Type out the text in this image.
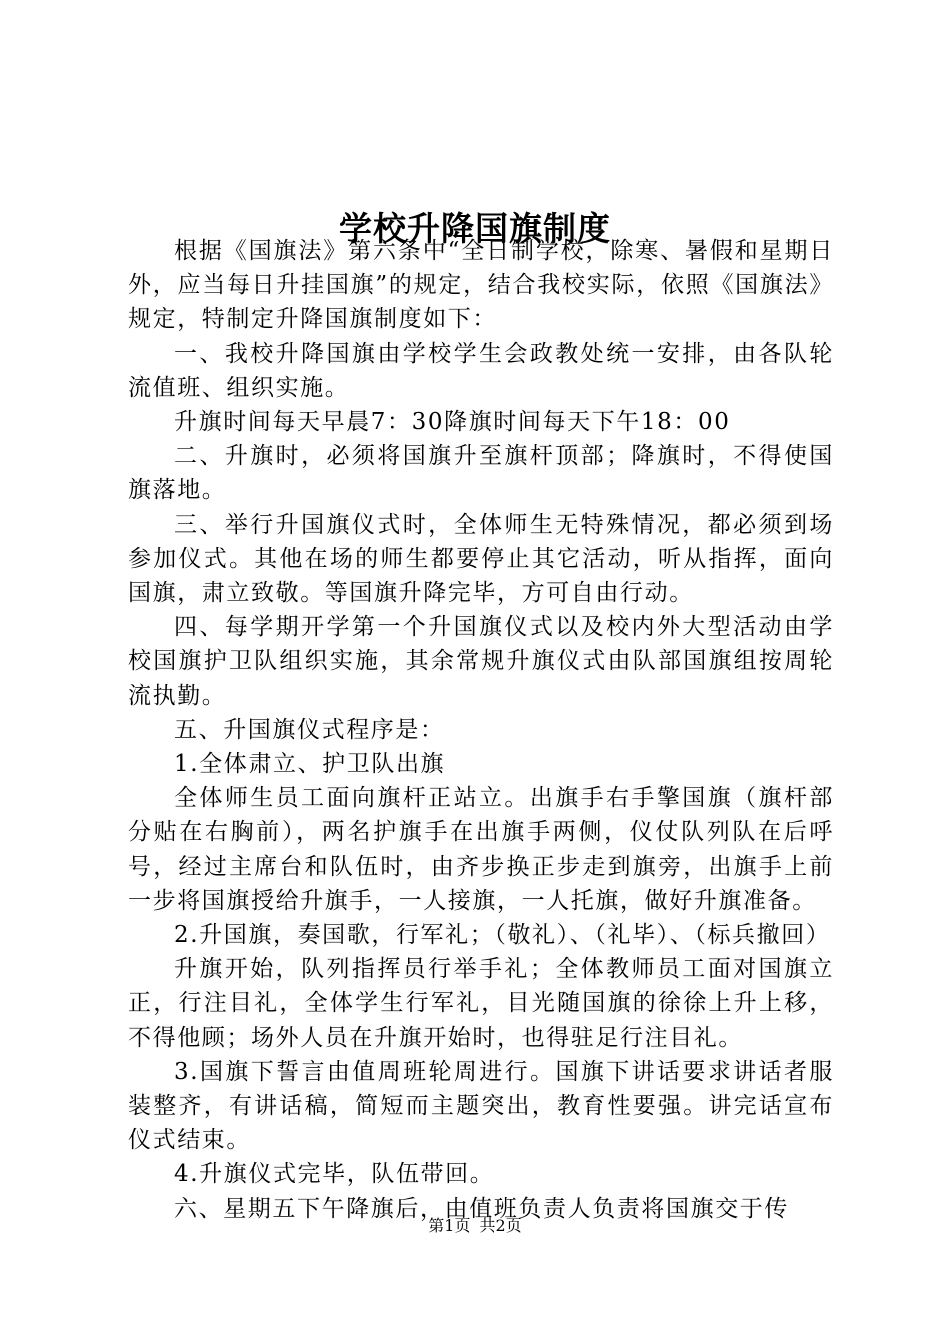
学校升降国旗制度

根据《国旗法》第六条中“全日制学校，除寒、暑假和星期日外，应当每日升挂国旗”的规定，结合我校实际，依照《国旗法》规定，特制定升降国旗制度如下：

一、我校升降国旗由学校学生会政教处统一安排，由各队轮流值班、组织实施。

升旗时间每天早晨7：30降旗时间每天下午18：00

二、升旗时，必须将国旗升至旗杆顶部；降旗时，不得使国旗落地。

三、举行升国旗仪式时，全体师生无特殊情况，都必须到场参加仪式。其他在场的师生都要停止其它活动，听从指挥，面向国旗，肃立致敬。等国旗升降完毕，方可自由行动。

四、每学期开学第一个升国旗仪式以及校内外大型活动由学校国旗护卫队组织实施，其余常规升旗仪式由队部国旗组按周轮流执勤。

五、升国旗仪式程序是：

1.全体肃立、护卫队出旗

全体师生员工面向旗杆正站立。出旗手右手擎国旗（旗杆部分贴在右胸前），两名护旗手在出旗手两侧，仪仗队列队在后呼号，经过主席台和队伍时，由齐步换正步走到旗旁，出旗手上前一步将国旗授给升旗手，一人接旗，一人托旗，做好升旗准备。

2.升国旗，奏国歌，行军礼；（敬礼）、（礼毕）、（标兵撤回）

升旗开始，队列指挥员行举手礼；全体教师员工面对国旗立正，行注目礼，全体学生行军礼，目光随国旗的徐徐上升上移，不得他顾；场外人员在升旗开始时，也得驻足行注目礼。

3.国旗下誓言由值周班轮周进行。国旗下讲话要求讲话者服装整齐，有讲话稿，简短而主题突出，教育性要强。讲完话宣布仪式结束。

4.升旗仪式完毕，队伍带回。

六、星期五下午降旗后，由值班负责人负责将国旗交于传

第1页 共2页
